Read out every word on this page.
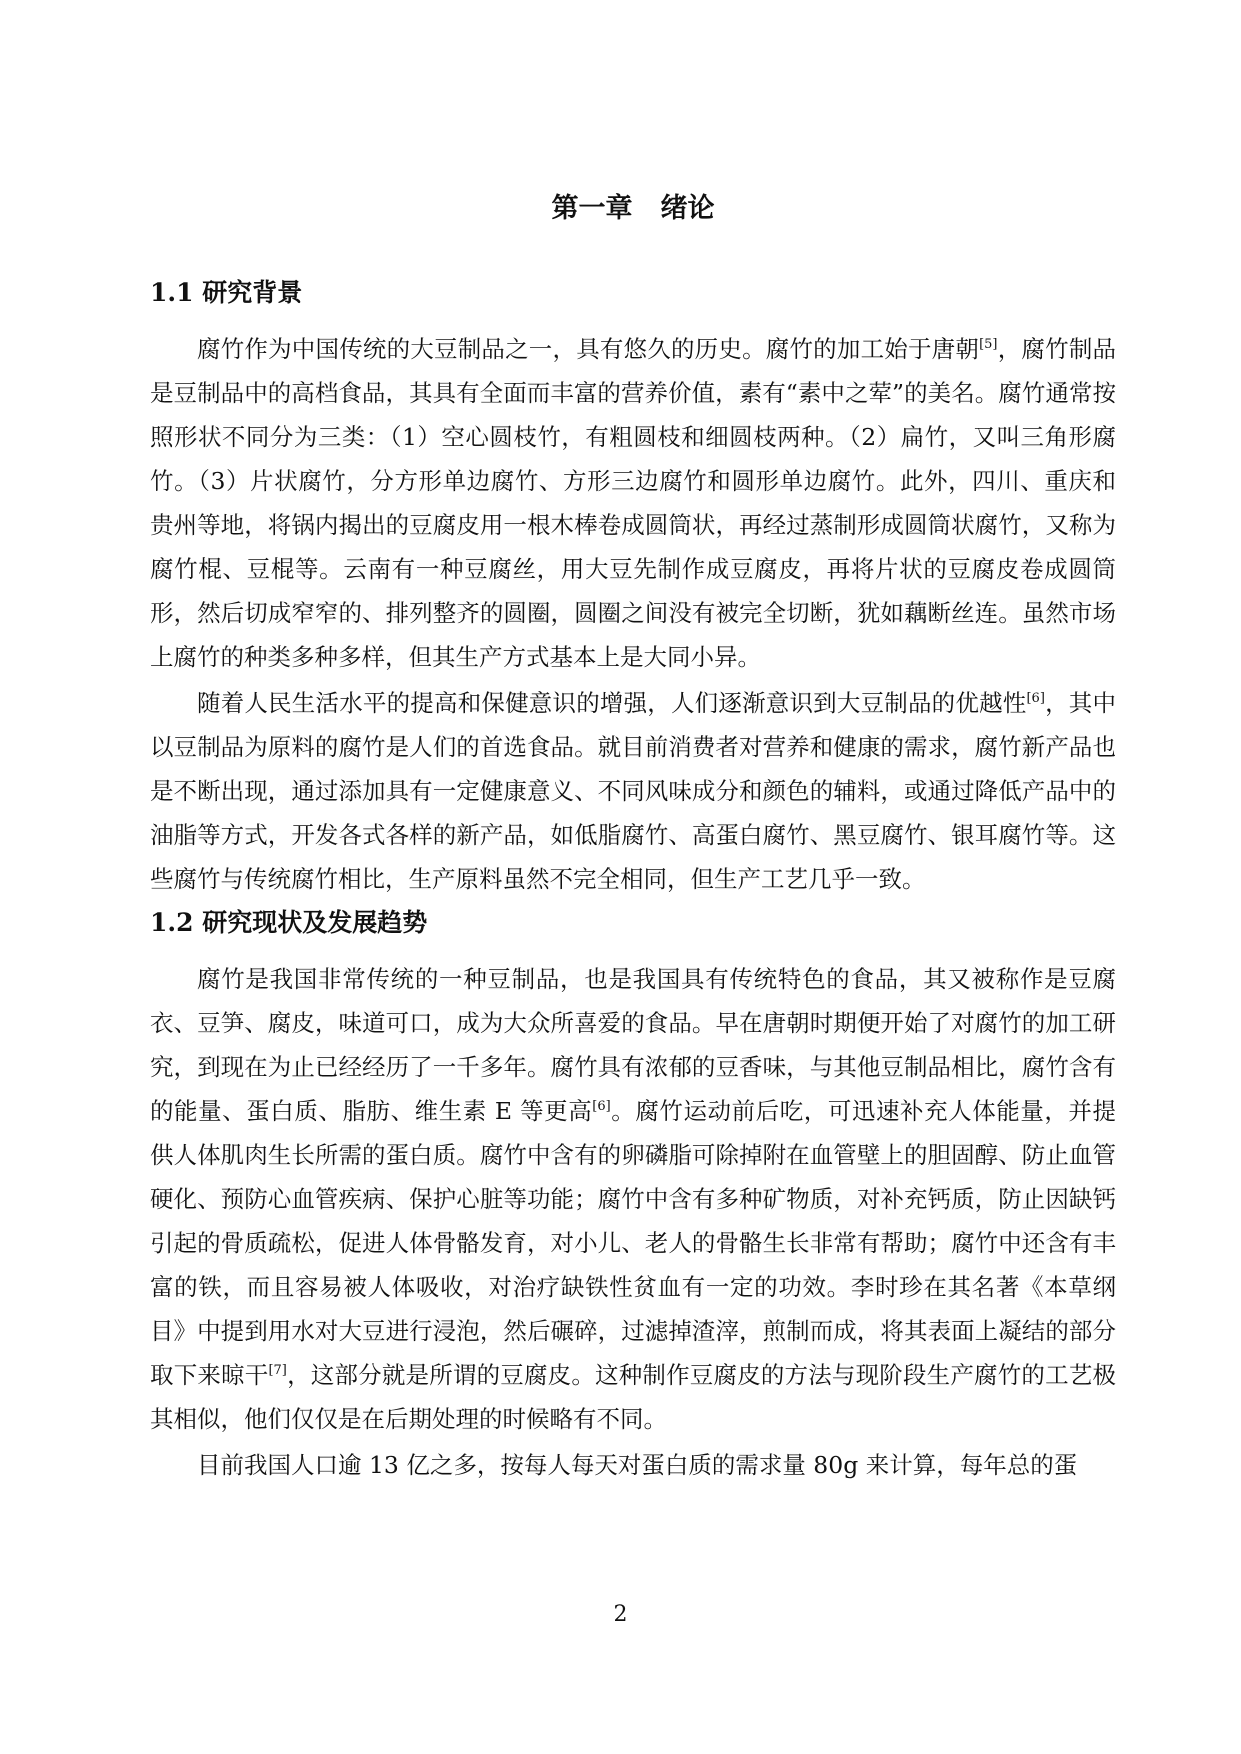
第一章 绪论
1.1 研究背景

腐竹作为中国传统的大豆制品之一，具有悠久的历史。腐竹的加工始于唐朝[5]，腐竹制品是豆制品中的高档食品，其具有全面而丰富的营养价值，素有“素中之荤”的美名。腐竹通常按照形状不同分为三类：（1）空心圆枝竹，有粗圆枝和细圆枝两种。（2）扁竹，又叫三角形腐竹。（3）片状腐竹，分方形单边腐竹、方形三边腐竹和圆形单边腐竹。此外，四川、重庆和贵州等地，将锅内揭出的豆腐皮用一根木棒卷成圆筒状，再经过蒸制形成圆筒状腐竹，又称为腐竹棍、豆棍等。云南有一种豆腐丝，用大豆先制作成豆腐皮，再将片状的豆腐皮卷成圆筒形，然后切成窄窄的、排列整齐的圆圈，圆圈之间没有被完全切断，犹如藕断丝连。虽然市场上腐竹的种类多种多样，但其生产方式基本上是大同小异。

随着人民生活水平的提高和保健意识的增强，人们逐渐意识到大豆制品的优越性[6]，其中以豆制品为原料的腐竹是人们的首选食品。就目前消费者对营养和健康的需求，腐竹新产品也是不断出现，通过添加具有一定健康意义、不同风味成分和颜色的辅料，或通过降低产品中的油脂等方式，开发各式各样的新产品，如低脂腐竹、高蛋白腐竹、黑豆腐竹、银耳腐竹等。这些腐竹与传统腐竹相比，生产原料虽然不完全相同，但生产工艺几乎一致。

1.2 研究现状及发展趋势

腐竹是我国非常传统的一种豆制品，也是我国具有传统特色的食品，其又被称作是豆腐衣、豆笋、腐皮，味道可口，成为大众所喜爱的食品。早在唐朝时期便开始了对腐竹的加工研究，到现在为止已经经历了一千多年。腐竹具有浓郁的豆香味，与其他豆制品相比，腐竹含有的能量、蛋白质、脂肪、维生素 E 等更高[6]。腐竹运动前后吃，可迅速补充人体能量，并提供人体肌肉生长所需的蛋白质。腐竹中含有的卵磷脂可除掉附在血管壁上的胆固醇、防止血管硬化、预防心血管疾病、保护心脏等功能；腐竹中含有多种矿物质，对补充钙质，防止因缺钙引起的骨质疏松，促进人体骨骼发育，对小儿、老人的骨骼生长非常有帮助；腐竹中还含有丰富的铁，而且容易被人体吸收，对治疗缺铁性贫血有一定的功效。李时珍在其名著《本草纲目》中提到用水对大豆进行浸泡，然后碾碎，过滤掉渣滓，煎制而成，将其表面上凝结的部分取下来晾干[7]，这部分就是所谓的豆腐皮。这种制作豆腐皮的方法与现阶段生产腐竹的工艺极其相似，他们仅仅是在后期处理的时候略有不同。

目前我国人口逾 13 亿之多，按每人每天对蛋白质的需求量 80g 来计算，每年总的蛋

2
